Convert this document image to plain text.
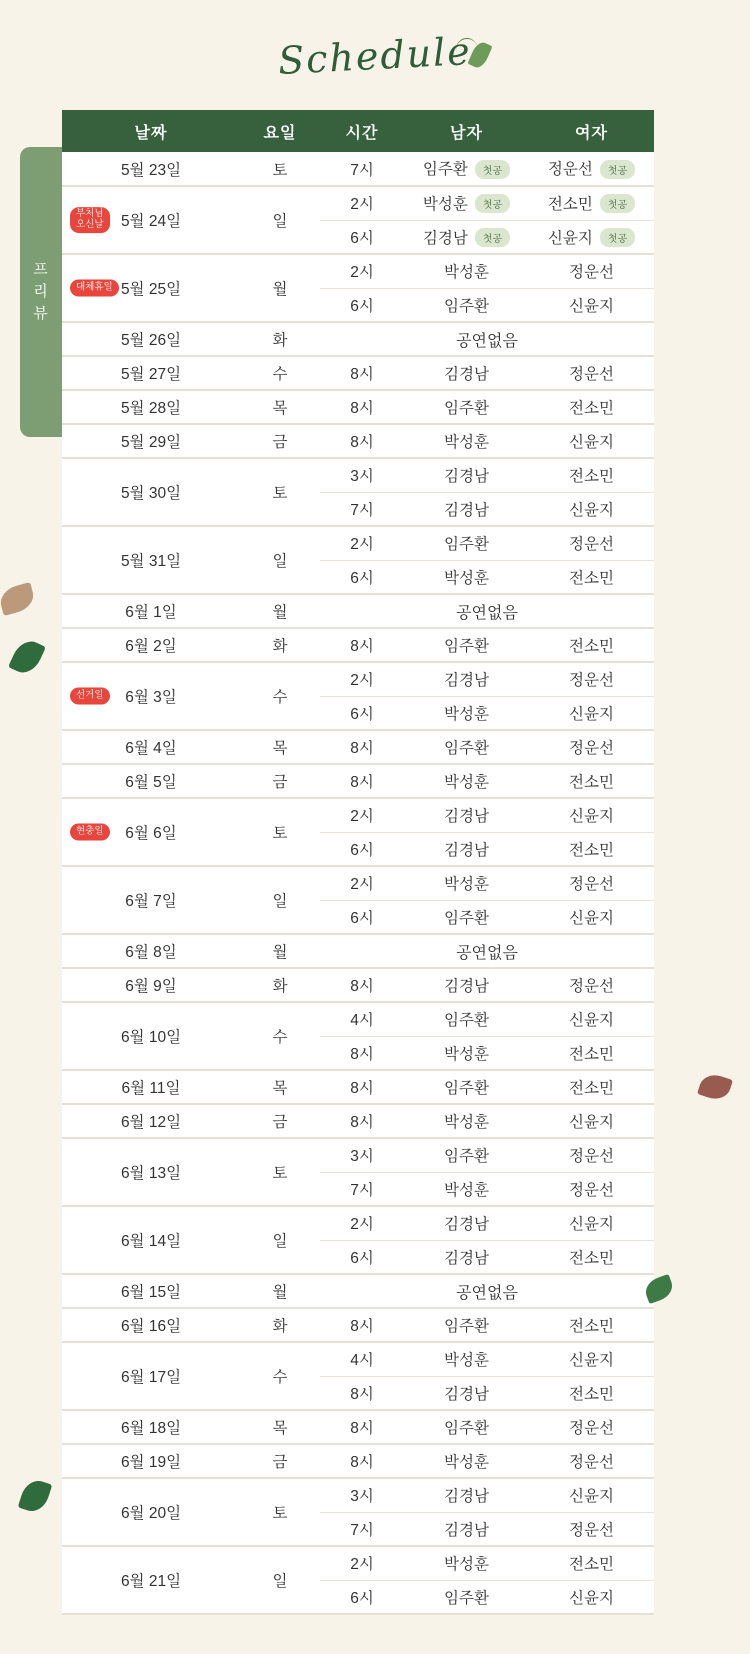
Schedule
프
리
뷰
날짜	요일	시간	남자	여자
5월 23일	토	7시	임주환 첫공	정운선 첫공

부처님
오신날 5월 24일	일	2시	박성훈 첫공	전소민 첫공
		6시	김경남 첫공	신윤지 첫공

대체휴일 5월 25일	월	2시	박성훈	정운선
		6시	임주환	신윤지
5월 26일	화	공연없음		
5월 27일	수	8시	김경남	정운선
5월 28일	목	8시	임주환	전소민
5월 29일	금	8시	박성훈	신윤지
5월 30일	토	3시	김경남	전소민
		7시	김경남	신윤지
5월 31일	일	2시	임주환	정운선
		6시	박성훈	전소민
6월 1일	월	공연없음		
6월 2일	화	8시	임주환	전소민

선거일 6월 3일	수	2시	김경남	정운선
		6시	박성훈	신윤지
6월 4일	목	8시	임주환	정운선
6월 5일	금	8시	박성훈	전소민

현충일 6월 6일	토	2시	김경남	신윤지
		6시	김경남	전소민
6월 7일	일	2시	박성훈	정운선
		6시	임주환	신윤지
6월 8일	월	공연없음		
6월 9일	화	8시	김경남	정운선
6월 10일	수	4시	임주환	신윤지
		8시	박성훈	전소민
6월 11일	목	8시	임주환	전소민
6월 12일	금	8시	박성훈	신윤지
6월 13일	토	3시	임주환	정운선
		7시	박성훈	정운선
6월 14일	일	2시	김경남	신윤지
		6시	김경남	전소민
6월 15일	월	공연없음		
6월 16일	화	8시	임주환	전소민
6월 17일	수	4시	박성훈	신윤지
		8시	김경남	전소민
6월 18일	목	8시	임주환	정운선
6월 19일	금	8시	박성훈	정운선
6월 20일	토	3시	김경남	신윤지
		7시	김경남	정운선
6월 21일	일	2시	박성훈	전소민
		6시	임주환	신윤지
